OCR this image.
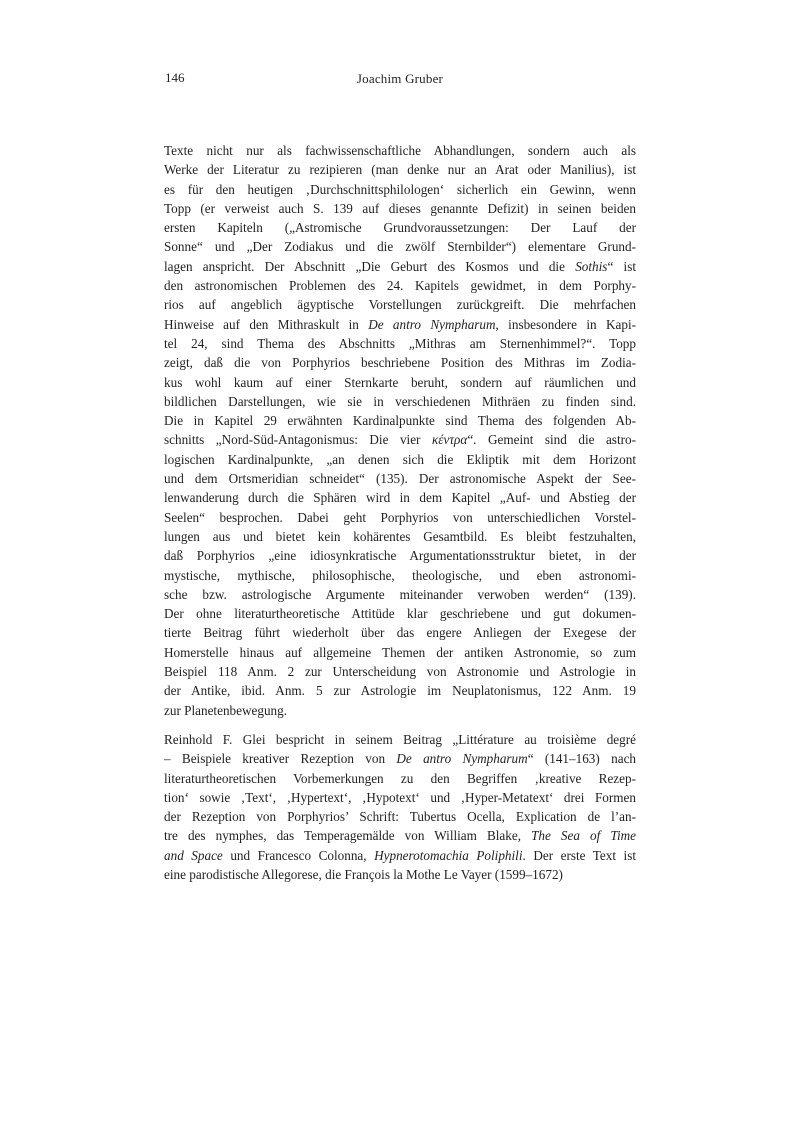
146	Joachim Gruber
Texte nicht nur als fachwissenschaftliche Abhandlungen, sondern auch als
Werke der Literatur zu rezipieren (man denke nur an Arat oder Manilius), ist
es für den heutigen ‚Durchschnittsphilologen‘ sicherlich ein Gewinn, wenn
Topp (er verweist auch S. 139 auf dieses genannte Defizit) in seinen beiden
ersten Kapiteln („Astromische Grundvoraussetzungen: Der Lauf der
Sonne“ und „Der Zodiakus und die zwölf Sternbilder“) elementare Grund-
lagen anspricht. Der Abschnitt „Die Geburt des Kosmos und die Sothis“ ist
den astronomischen Problemen des 24. Kapitels gewidmet, in dem Porphy-
rios auf angeblich ägyptische Vorstellungen zurückgreift. Die mehrfachen
Hinweise auf den Mithraskult in De antro Nympharum, insbesondere in Kapi-
tel 24, sind Thema des Abschnitts „Mithras am Sternenhimmel?“. Topp
zeigt, daß die von Porphyrios beschriebene Position des Mithras im Zodia-
kus wohl kaum auf einer Sternkarte beruht, sondern auf räumlichen und
bildlichen Darstellungen, wie sie in verschiedenen Mithräen zu finden sind.
Die in Kapitel 29 erwähnten Kardinalpunkte sind Thema des folgenden Ab-
schnitts „Nord-Süd-Antagonismus: Die vier κέντρα“. Gemeint sind die astro-
logischen Kardinalpunkte, „an denen sich die Ekliptik mit dem Horizont
und dem Ortsmeridian schneidet“ (135). Der astronomische Aspekt der See-
lenwanderung durch die Sphären wird in dem Kapitel „Auf- und Abstieg der
Seelen“ besprochen. Dabei geht Porphyrios von unterschiedlichen Vorstel-
lungen aus und bietet kein kohärentes Gesamtbild. Es bleibt festzuhalten,
daß Porphyrios „eine idiosynkratische Argumentationsstruktur bietet, in der
mystische, mythische, philosophische, theologische, und eben astronomi-
sche bzw. astrologische Argumente miteinander verwoben werden“ (139).
Der ohne literaturtheoretische Attitüde klar geschriebene und gut dokumen-
tierte Beitrag führt wiederholt über das engere Anliegen der Exegese der
Homerstelle hinaus auf allgemeine Themen der antiken Astronomie, so zum
Beispiel 118 Anm. 2 zur Unterscheidung von Astronomie und Astrologie in
der Antike, ibid. Anm. 5 zur Astrologie im Neuplatonismus, 122 Anm. 19
zur Planetenbewegung.
Reinhold F. Glei bespricht in seinem Beitrag „Littérature au troisième degré
– Beispiele kreativer Rezeption von De antro Nympharum“ (141–163) nach
literaturtheoretischen Vorbemerkungen zu den Begriffen ‚kreative Rezep-
tion‘ sowie ‚Text‘, ‚Hypertext‘, ‚Hypotext‘ und ‚Hyper-Metatext‘ drei Formen
der Rezeption von Porphyrios’ Schrift: Tubertus Ocella, Explication de l’an-
tre des nymphes, das Temperagemälde von William Blake, The Sea of Time
and Space und Francesco Colonna, Hypnerotomachia Poliphili. Der erste Text ist
eine parodistische Allegorese, die François la Mothe Le Vayer (1599–1672)
